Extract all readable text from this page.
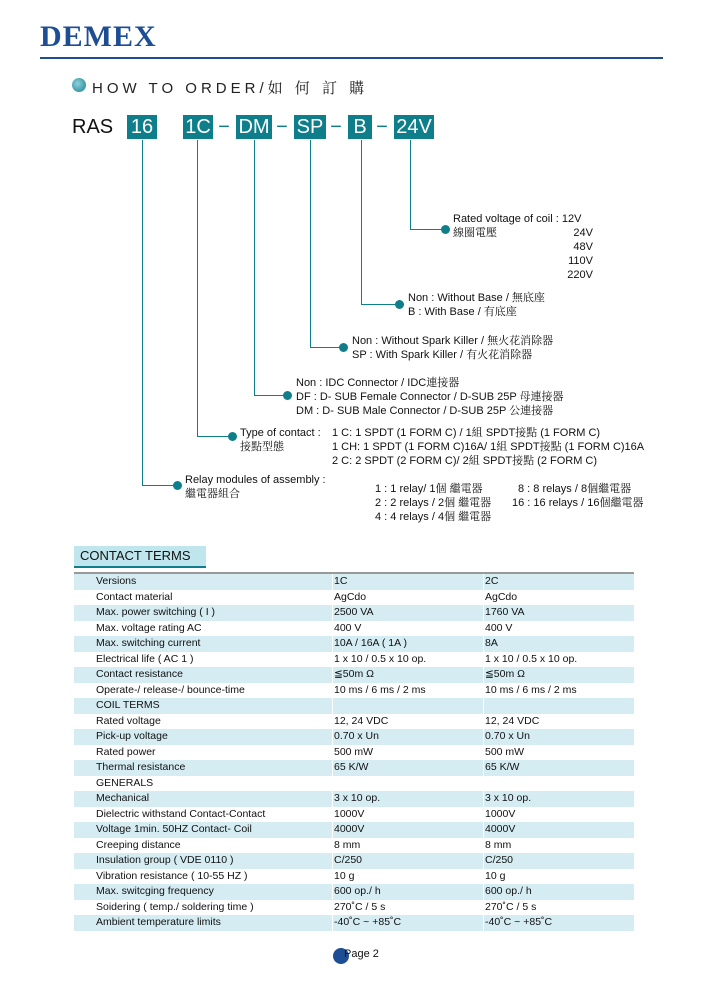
DEMEX
HOW TO ORDER/如 何 訂 購
RAS 16 1C − DM − SP − B − 24V
Rated voltage of coil : 12V
線圈電壓	24V
48V
110V
220V
Non : Without Base / 無底座
B : With Base / 有底座
Non : Without Spark Killer / 無火花消除器
SP : With Spark Killer / 有火花消除器
Non : IDC Connector / IDC連接器
DF : D- SUB Female Connector / D-SUB 25P 母連接器
DM : D- SUB Male Connector / D-SUB 25P 公連接器
Type of contact :
接點型態
1 C: 1 SPDT (1 FORM C) / 1組 SPDT接點 (1 FORM C)
1 CH: 1 SPDT (1 FORM C)16A/ 1組 SPDT接點 (1 FORM C)16A
2 C: 2 SPDT (2 FORM C)/ 2組 SPDT接點 (2 FORM C)
Relay modules of assembly :
繼電器組合	1 : 1 relay/ 1個 繼電器
2 : 2 relays / 2個 繼電器
4 : 4 relays / 4個 繼電器
8 : 8 relays / 8個繼電器
16 : 16 relays / 16個繼電器
CONTACT TERMS
Versions	1C	2C
Contact material	AgCdo	AgCdo
Max. power switching ( I )	2500 VA	1760 VA
Max. voltage rating AC	400 V	400 V
Max. switching current	10A / 16A ( 1A )	8A
Electrical life ( AC 1 )	1 x 10 / 0.5 x 10 op.	1 x 10 / 0.5 x 10 op.
Contact resistance	≦50m Ω	≦50m Ω
Operate-/ release-/ bounce-time	10 ms / 6 ms / 2 ms	10 ms / 6 ms / 2 ms
COIL TERMS
Rated voltage	12, 24 VDC	12, 24 VDC
Pick-up voltage	0.70 x Un	0.70 x Un
Rated power	500 mW	500 mW
Thermal resistance	65 K/W	65 K/W
GENERALS
Mechanical	3 x 10 op.	3 x 10 op.
Dielectric withstand Contact-Contact	1000V	1000V
Voltage 1min. 50HZ Contact- Coil	4000V	4000V
Creeping distance	8 mm	8 mm
Insulation group ( VDE 0110 )	C/250	C/250
Vibration resistance ( 10-55 HZ )	10 g	10 g
Max. switcging frequency	600 op./ h	600 op./ h
Soidering ( temp./ soldering time )	270˚C / 5 s	270˚C / 5 s
Ambient temperature limits	-40˚C ~ +85˚C	-40˚C ~ +85˚C
Page 2
